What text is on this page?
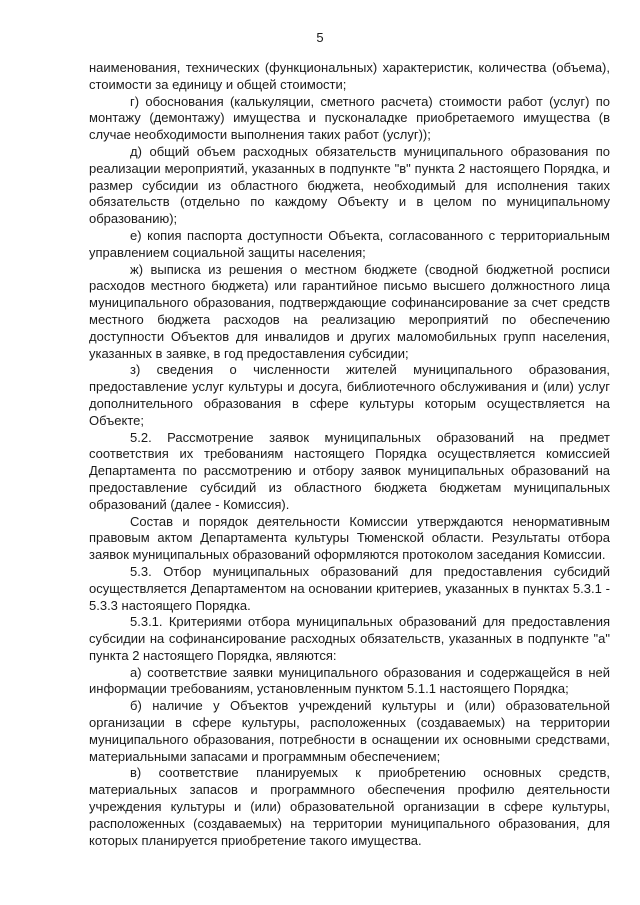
5

наименования, технических (функциональных) характеристик, количества (объема), стоимости за единицу и общей стоимости;

г) обоснования (калькуляции, сметного расчета) стоимости работ (услуг) по монтажу (демонтажу) имущества и пусконаладке приобретаемого имущества (в случае необходимости выполнения таких работ (услуг));

д) общий объем расходных обязательств муниципального образования по реализации мероприятий, указанных в подпункте "в" пункта 2 настоящего Порядка, и размер субсидии из областного бюджета, необходимый для исполнения таких обязательств (отдельно по каждому Объекту и в целом по муниципальному образованию);

е) копия паспорта доступности Объекта, согласованного с территориальным управлением социальной защиты населения;

ж) выписка из решения о местном бюджете (сводной бюджетной росписи расходов местного бюджета) или гарантийное письмо высшего должностного лица муниципального образования, подтверждающие софинансирование за счет средств местного бюджета расходов на реализацию мероприятий по обеспечению доступности Объектов для инвалидов и других маломобильных групп населения, указанных в заявке, в год предоставления субсидии;

з) сведения о численности жителей муниципального образования, предоставление услуг культуры и досуга, библиотечного обслуживания и (или) услуг дополнительного образования в сфере культуры которым осуществляется на Объекте;

5.2. Рассмотрение заявок муниципальных образований на предмет соответствия их требованиям настоящего Порядка осуществляется комиссией Департамента по рассмотрению и отбору заявок муниципальных образований на предоставление субсидий из областного бюджета бюджетам муниципальных образований (далее - Комиссия).

Состав и порядок деятельности Комиссии утверждаются ненормативным правовым актом Департамента культуры Тюменской области. Результаты отбора заявок муниципальных образований оформляются протоколом заседания Комиссии.

5.3. Отбор муниципальных образований для предоставления субсидий осуществляется Департаментом на основании критериев, указанных в пунктах 5.3.1 - 5.3.3 настоящего Порядка.

5.3.1. Критериями отбора муниципальных образований для предоставления субсидии на софинансирование расходных обязательств, указанных в подпункте "а" пункта 2 настоящего Порядка, являются:

а) соответствие заявки муниципального образования и содержащейся в ней информации требованиям, установленным пунктом 5.1.1 настоящего Порядка;

б) наличие у Объектов учреждений культуры и (или) образовательной организации в сфере культуры, расположенных (создаваемых) на территории муниципального образования, потребности в оснащении их основными средствами, материальными запасами и программным обеспечением;

в) соответствие планируемых к приобретению основных средств, материальных запасов и программного обеспечения профилю деятельности учреждения культуры и (или) образовательной организации в сфере культуры, расположенных (создаваемых) на территории муниципального образования, для которых планируется приобретение такого имущества.
